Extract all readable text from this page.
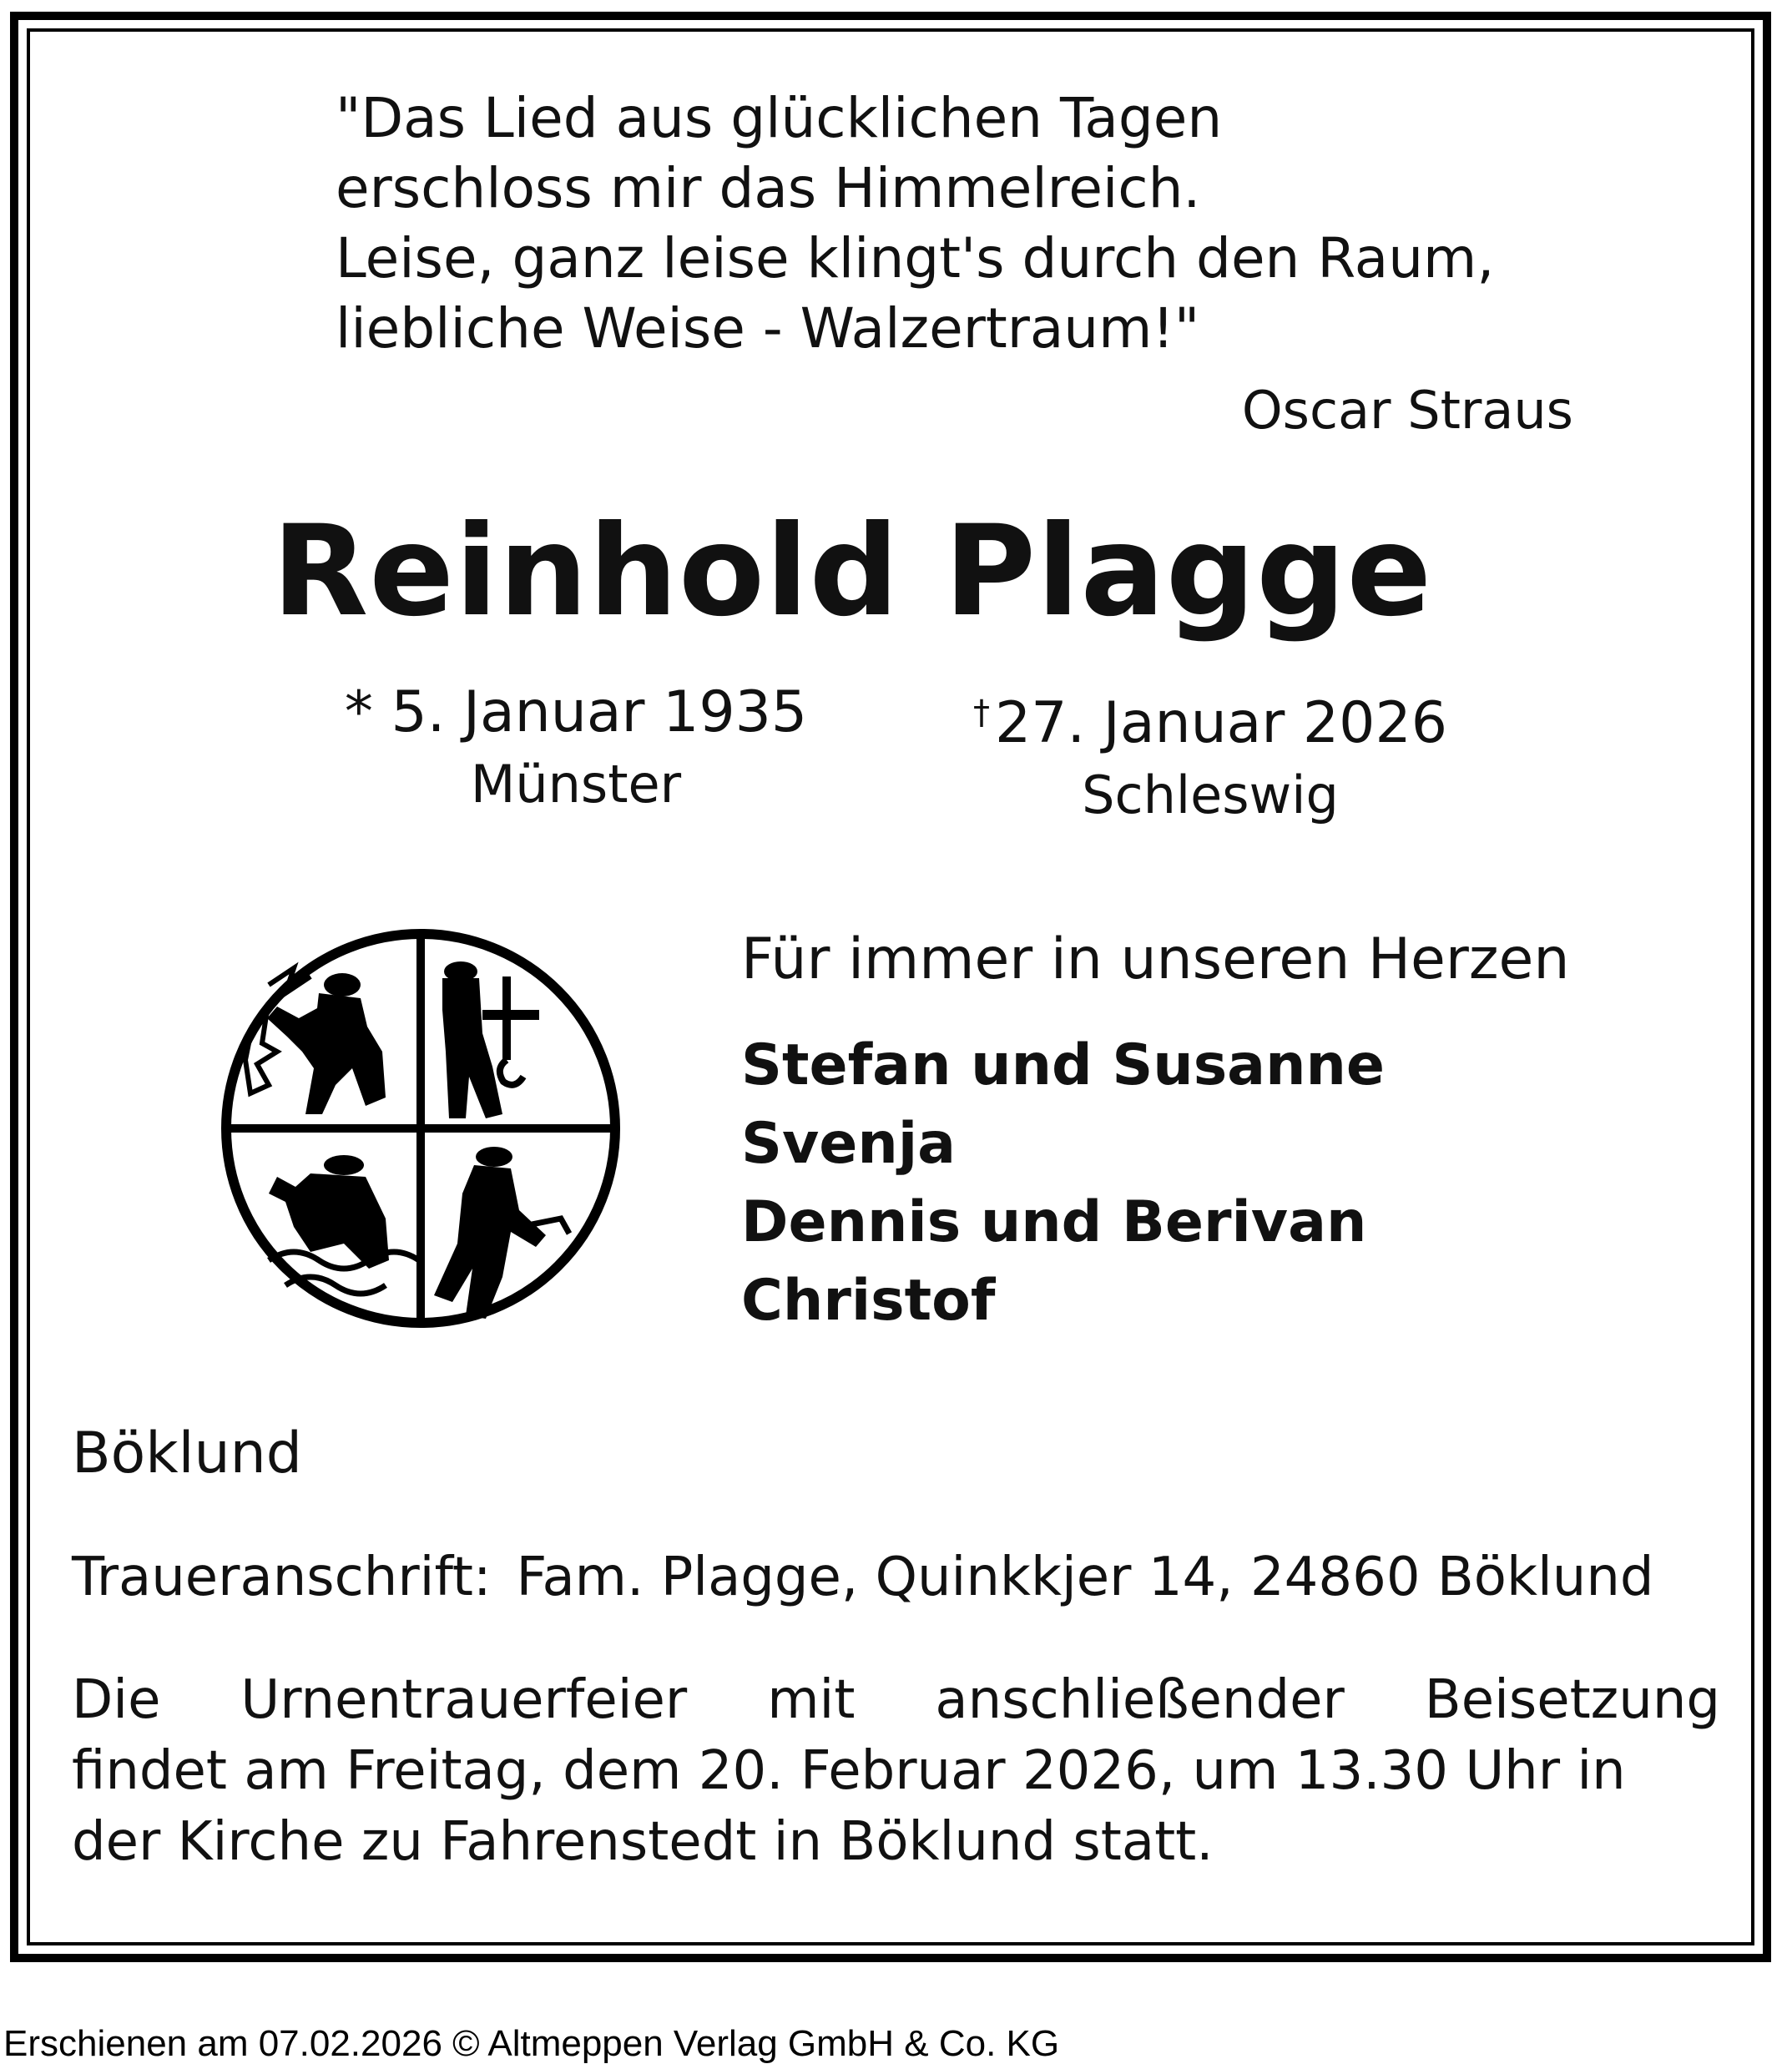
"Das Lied aus glücklichen Tagen
erschloss mir das Himmelreich.
Leise, ganz leise klingt's durch den Raum,
liebliche Weise - Walzertraum!"
Oscar Straus
Reinhold Plagge
* 5. Januar 1935
Münster
†27. Januar 2026
Schleswig
Für immer in unseren Herzen
Stefan und Susanne
Svenja
Dennis und Berivan
Christof
Böklund
Traueranschrift: Fam. Plagge, Quinkkjer 14, 24860 Böklund
Die Urnentrauerfeier mit anschließender Beisetzung
findet am Freitag, dem 20. Februar 2026, um 13.30 Uhr in der Kirche zu Fahrenstedt in Böklund statt.
Erschienen am 07.02.2026 © Altmeppen Verlag GmbH & Co. KG
